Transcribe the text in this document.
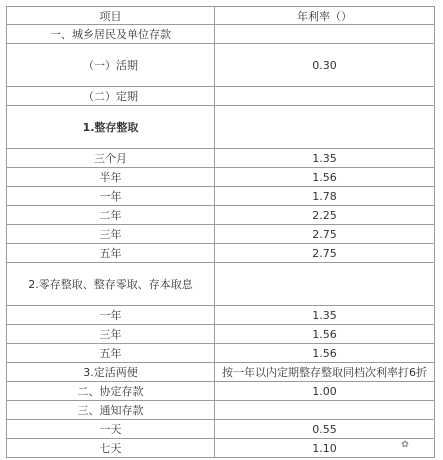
项目	年利率（）
一、城乡居民及单位存款	
（一）活期	0.30
（二）定期	
1.整存整取	
三个月	1.35
半年	1.56
一年	1.78
二年	2.25
三年	2.75
五年	2.75
2.零存整取、整存零取、存本取息	
一年	1.35
三年	1.56
五年	1.56
3.定活两便	按一年以内定期整存整取同档次利率打6折
二、协定存款	1.00
三、通知存款	
一天	0.55
七天	1.10	✿
